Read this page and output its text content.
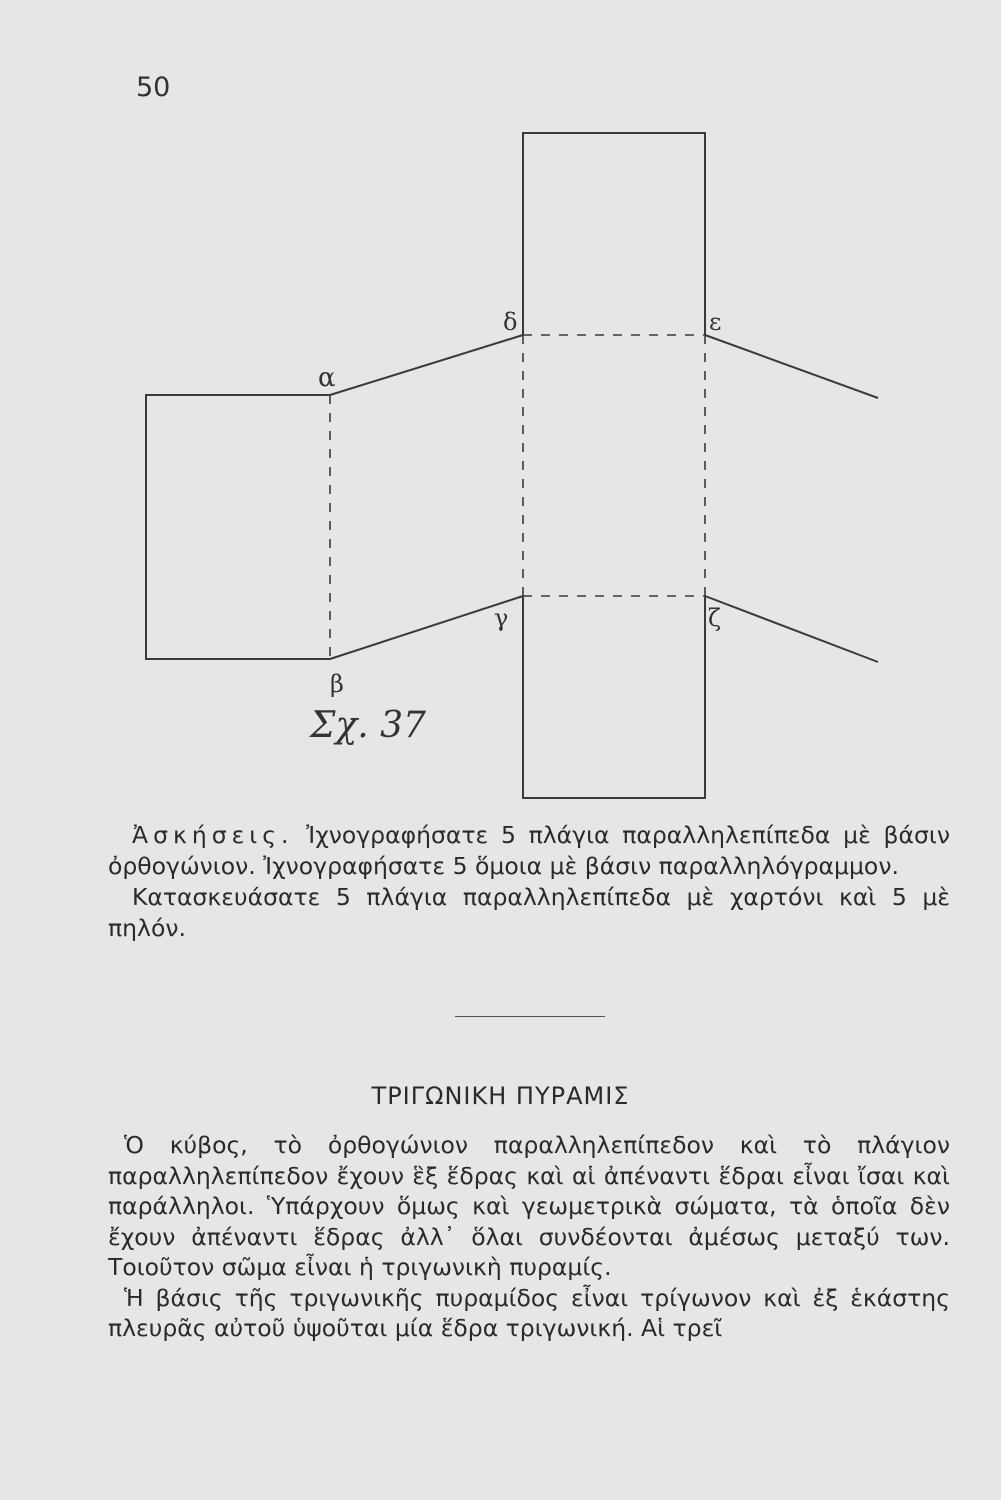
50
α
β
δ	ε
γ	ζ
Σχ. 37

Ἀσκήσεις. Ἰχνογραφήσατε 5 πλάγια παραλληλεπίπεδα μὲ βάσιν ὀρθογώνιον. Ἰχνογραφήσατε 5 ὅμοια μὲ βάσιν παραλληλόγραμμον.

Κατασκευάσατε 5 πλάγια παραλληλεπίπεδα μὲ χαρτόνι καὶ 5 μὲ πηλόν.

ΤΡΙΓΩΝΙΚΗ ΠΥΡΑΜΙΣ

Ὁ κύβος, τὸ ὀρθογώνιον παραλληλεπίπεδον καὶ τὸ πλάγιον παραλληλεπίπεδον ἔχουν ἓξ ἕδρας καὶ αἱ ἀπέναντι ἕδραι εἶναι ἴσαι καὶ παράλληλοι. Ὑπάρχουν ὅμως καὶ γεωμετρικὰ σώματα, τὰ ὁποῖα δὲν ἔχουν ἀπέναντι ἕδρας ἀλλ᾽ ὅλαι συνδέονται ἀμέσως μεταξύ των. Τοιοῦτον σῶμα εἶναι ἡ τριγωνικὴ πυραμίς.

Ἡ βάσις τῆς τριγωνικῆς πυραμίδος εἶναι τρίγωνον καὶ ἐξ ἑκάστης πλευρᾶς αὐτοῦ ὑψοῦται μία ἕδρα τριγωνική. Αἱ τρεῖ
